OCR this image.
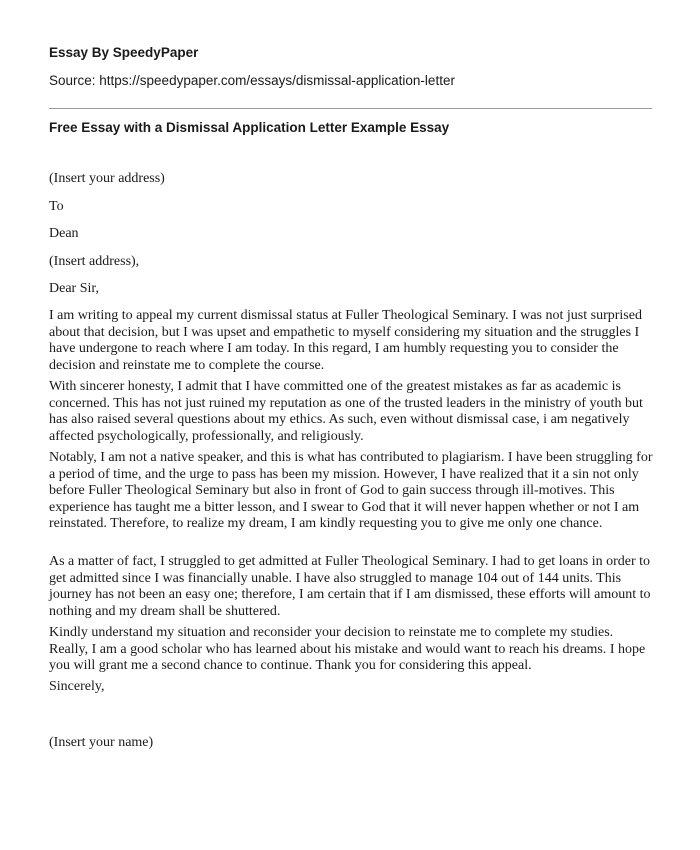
Essay By SpeedyPaper
Source: https://speedypaper.com/essays/dismissal-application-letter
Free Essay with a Dismissal Application Letter Example Essay

(Insert your address)

To

Dean

(Insert address),

Dear Sir,

I am writing to appeal my current dismissal status at Fuller Theological Seminary. I was not just surprised about that decision, but I was upset and empathetic to myself considering my situation and the struggles I have undergone to reach where I am today. In this regard, I am humbly requesting you to consider the decision and reinstate me to complete the course.

With sincerer honesty, I admit that I have committed one of the greatest mistakes as far as academic is concerned. This has not just ruined my reputation as one of the trusted leaders in the ministry of youth but has also raised several questions about my ethics. As such, even without dismissal case, i am negatively affected psychologically, professionally, and religiously.

Notably, I am not a native speaker, and this is what has contributed to plagiarism. I have been struggling for a period of time, and the urge to pass has been my mission. However, I have realized that it a sin not only before Fuller Theological Seminary but also in front of God to gain success through ill-motives. This experience has taught me a bitter lesson, and I swear to God that it will never happen whether or not I am reinstated. Therefore, to realize my dream, I am kindly requesting you to give me only one chance.

As a matter of fact, I struggled to get admitted at Fuller Theological Seminary. I had to get loans in order to get admitted since I was financially unable. I have also struggled to manage 104 out of 144 units. This journey has not been an easy one; therefore, I am certain that if I am dismissed, these efforts will amount to nothing and my dream shall be shuttered.

Kindly understand my situation and reconsider your decision to reinstate me to complete my studies. Really, I am a good scholar who has learned about his mistake and would want to reach his dreams. I hope you will grant me a second chance to continue. Thank you for considering this appeal.

Sincerely,

(Insert your name)
